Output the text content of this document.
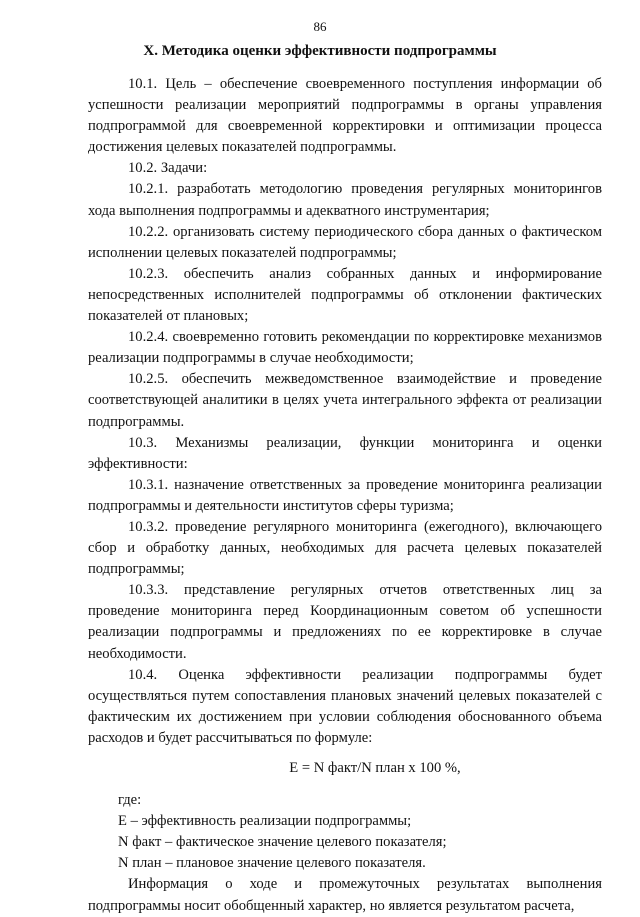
86
X. Методика оценки эффективности подпрограммы

10.1. Цель – обеспечение своевременного поступления информации об успешности реализации мероприятий подпрограммы в органы управления подпрограммой для своевременной корректировки и оптимизации процесса достижения целевых показателей подпрограммы.

10.2. Задачи:

10.2.1. разработать методологию проведения регулярных мониторингов хода выполнения подпрограммы и адекватного инструментария;

10.2.2. организовать систему периодического сбора данных о фактическом исполнении целевых показателей подпрограммы;

10.2.3. обеспечить анализ собранных данных и информирование непосредственных исполнителей подпрограммы об отклонении фактических показателей от плановых;

10.2.4. своевременно готовить рекомендации по корректировке механизмов реализации подпрограммы в случае необходимости;

10.2.5. обеспечить межведомственное взаимодействие и проведение соответствующей аналитики в целях учета интегрального эффекта от реализации подпрограммы.

10.3. Механизмы реализации, функции мониторинга и оценки эффективности:

10.3.1. назначение ответственных за проведение мониторинга реализации подпрограммы и деятельности институтов сферы туризма;

10.3.2. проведение регулярного мониторинга (ежегодного), включающего сбор и обработку данных, необходимых для расчета целевых показателей подпрограммы;

10.3.3. представление регулярных отчетов ответственных лиц за проведение мониторинга перед Координационным советом об успешности реализации подпрограммы и предложениях по ее корректировке в случае необходимости.

10.4. Оценка эффективности реализации подпрограммы будет осуществляться путем сопоставления плановых значений целевых показателей с фактическим их достижением при условии соблюдения обоснованного объема расходов и будет рассчитываться по формуле:

E = N факт/N план х 100 %,

где:

E – эффективность реализации подпрограммы;

N факт – фактическое значение целевого показателя;

N план – плановое значение целевого показателя.

Информация о ходе и промежуточных результатах выполнения подпрограммы носит обобщенный характер, но является результатом расчета,
